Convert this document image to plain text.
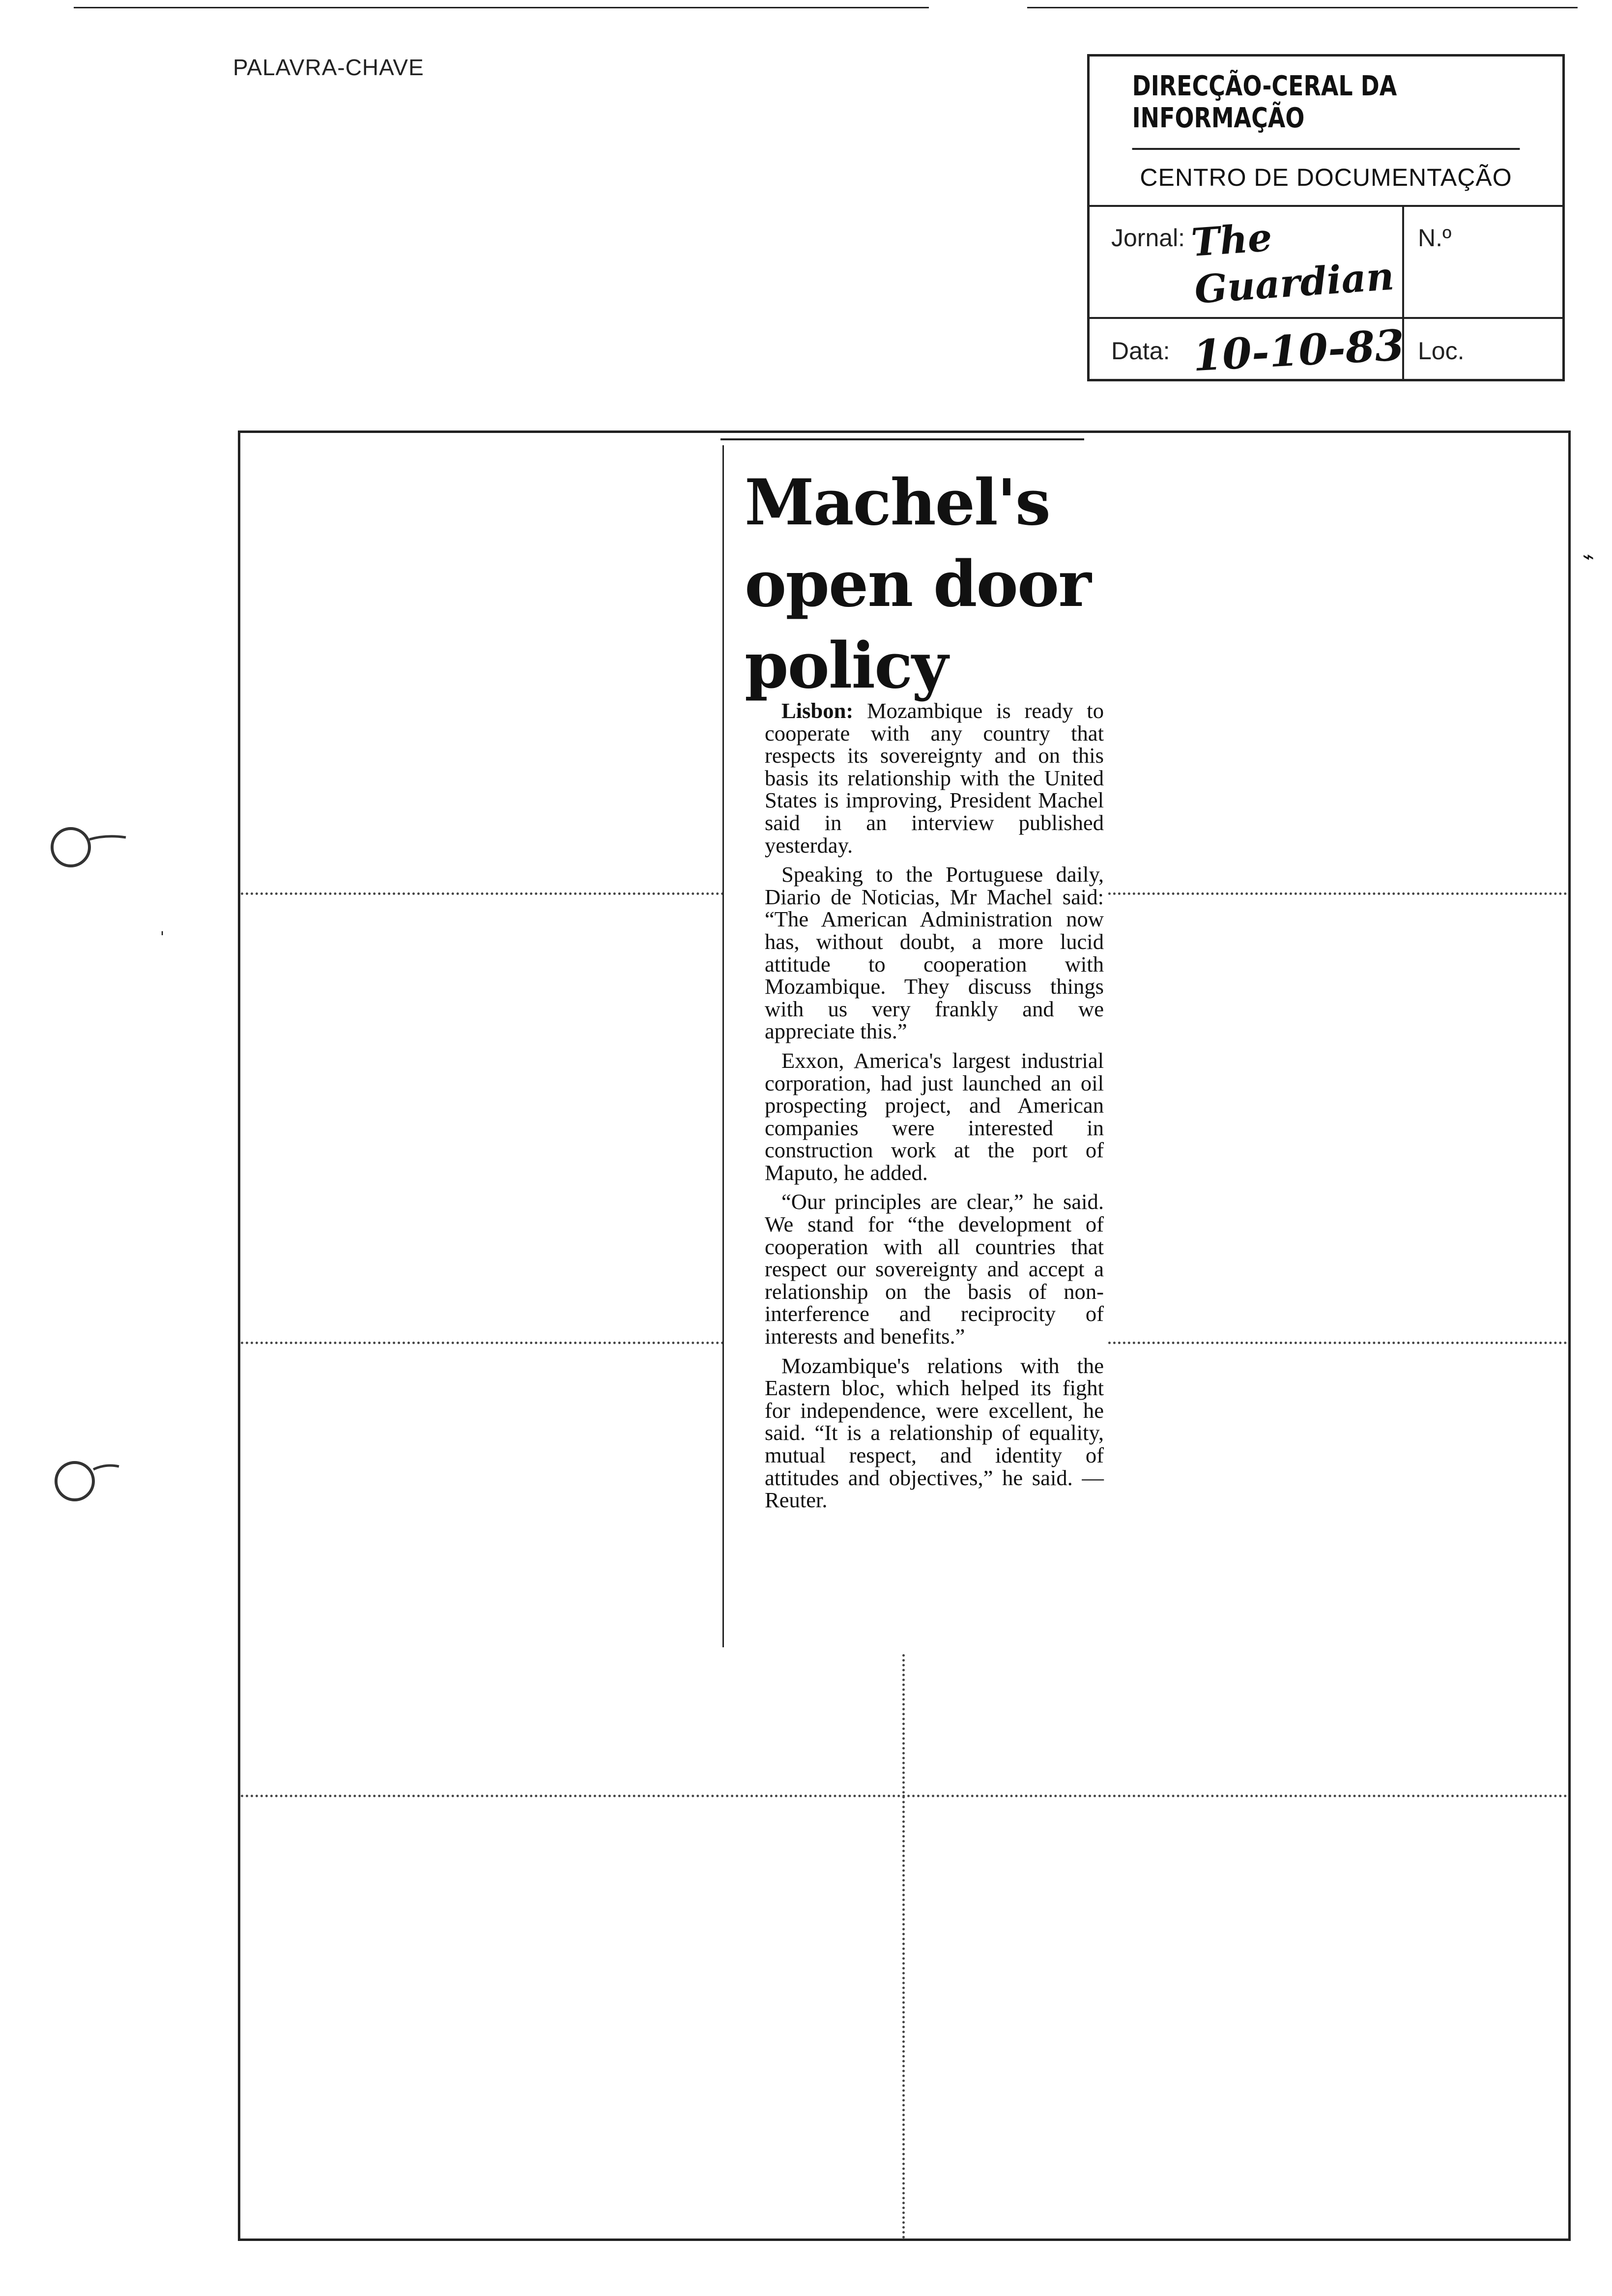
PALAVRA-CHAVE
DIRECÇÃO-CERAL DA INFORMAÇÃO
CENTRO DE DOCUMENTAÇÃO
Jornal: The Guardian
N.º
Data: 10-10-83 Loc.
Machel's open door policy

Lisbon: Mozambique is ready to cooperate with any country that respects its sovereignty and on this basis its relationship with the United States is improving, President Machel said in an interview published yesterday.

Speaking to the Portuguese daily, Diario de Noticias, Mr Machel said: “The American Administration now has, without doubt, a more lucid attitude to cooperation with Mozambique. They discuss things with us very frankly and we appreciate this.”

Exxon, America's largest industrial corporation, had just launched an oil prospecting project, and American companies were interested in construction work at the port of Maputo, he added.

“Our principles are clear,” he said. We stand for “the development of cooperation with all countries that respect our sovereignty and accept a relationship on the basis of non-interference and reciprocity of interests and benefits.”

Mozambique's relations with the Eastern bloc, which helped its fight for independence, were excellent, he said. “It is a relationship of equality, mutual respect, and identity of attitudes and objectives,” he said. — Reuter.

⌁
'
